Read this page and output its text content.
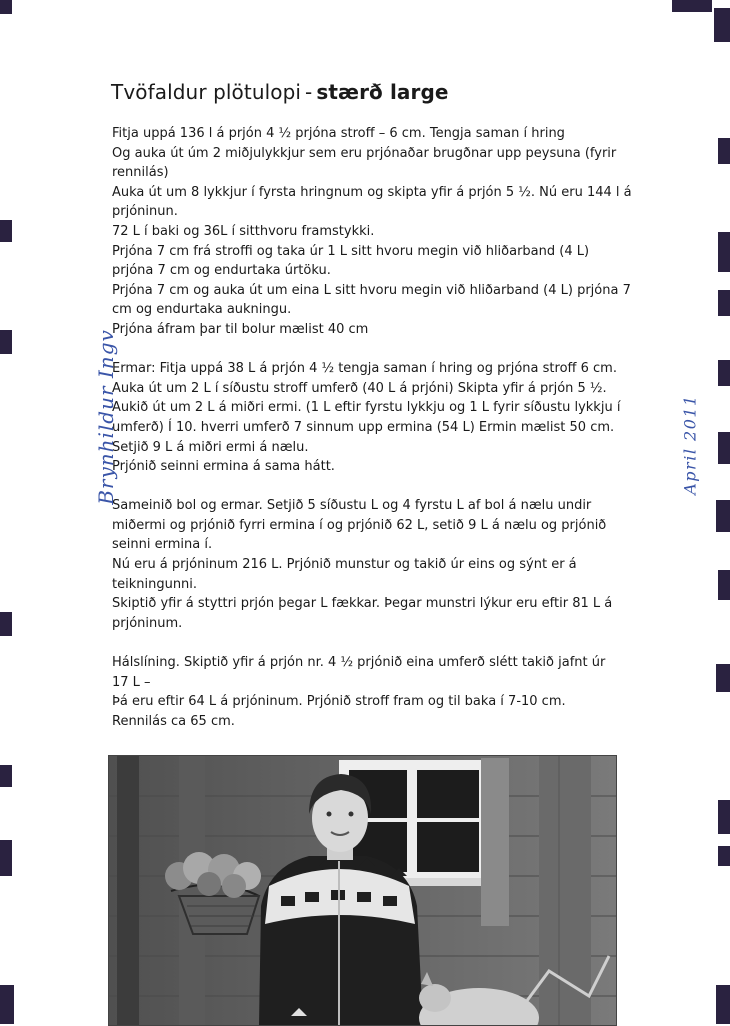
Tvöfaldur plötulopi - stærð large

Fitja uppá 136 l á prjón 4 ½ prjóna stroff – 6 cm. Tengja saman í hring

Og auka út úm 2 miðjulykkjur sem eru prjónaðar brugðnar upp peysuna (fyrir

rennilás)

Auka út um 8 lykkjur í fyrsta hringnum og skipta yfir á prjón 5 ½. Nú eru 144 l á

prjóninun.

72 L í baki og 36L í sitthvoru framstykki.

Prjóna 7 cm frá stroffi og taka úr 1 L sitt hvoru megin við hliðarband (4 L)

prjóna 7 cm og endurtaka úrtöku.

Prjóna 7 cm og auka út um eina L sitt hvoru megin við hliðarband (4 L) prjóna 7

cm og endurtaka aukningu.

Prjóna áfram þar til bolur mælist 40 cm

Ermar: Fitja uppá 38 L á prjón 4 ½ tengja saman í hring og prjóna stroff 6 cm.

Auka út um 2 L í síðustu stroff umferð (40 L á prjóni) Skipta yfir á prjón 5 ½.

Aukið út um 2 L á miðri ermi. (1 L eftir fyrstu lykkju og 1 L fyrir síðustu lykkju í

umferð) Í 10. hverri umferð 7 sinnum upp ermina (54 L) Ermin mælist 50 cm.

Setjið 9 L á miðri ermi á nælu.

Prjónið seinni ermina á sama hátt.

Sameinið bol og ermar. Setjið 5 síðustu L og 4 fyrstu L af bol á nælu undir

miðermi og prjónið fyrri ermina í og prjónið 62 L, setið 9 L á nælu og prjónið

seinni ermina í.

Nú eru á prjóninum 216 L. Prjónið munstur og takið úr eins og sýnt er á

teikningunni.

Skiptið yfir á styttri prjón þegar L fækkar. Þegar munstri lýkur eru eftir 81 L á

prjóninum.

Hálslíning. Skiptið yfir á prjón nr. 4 ½ prjónið eina umferð slétt takið jafnt úr

17 L –

Þá eru eftir 64 L á prjóninum. Prjónið stroff fram og til baka í 7-10 cm.

Rennilás ca 65 cm.

Brynhildur Ingv	April 2011
